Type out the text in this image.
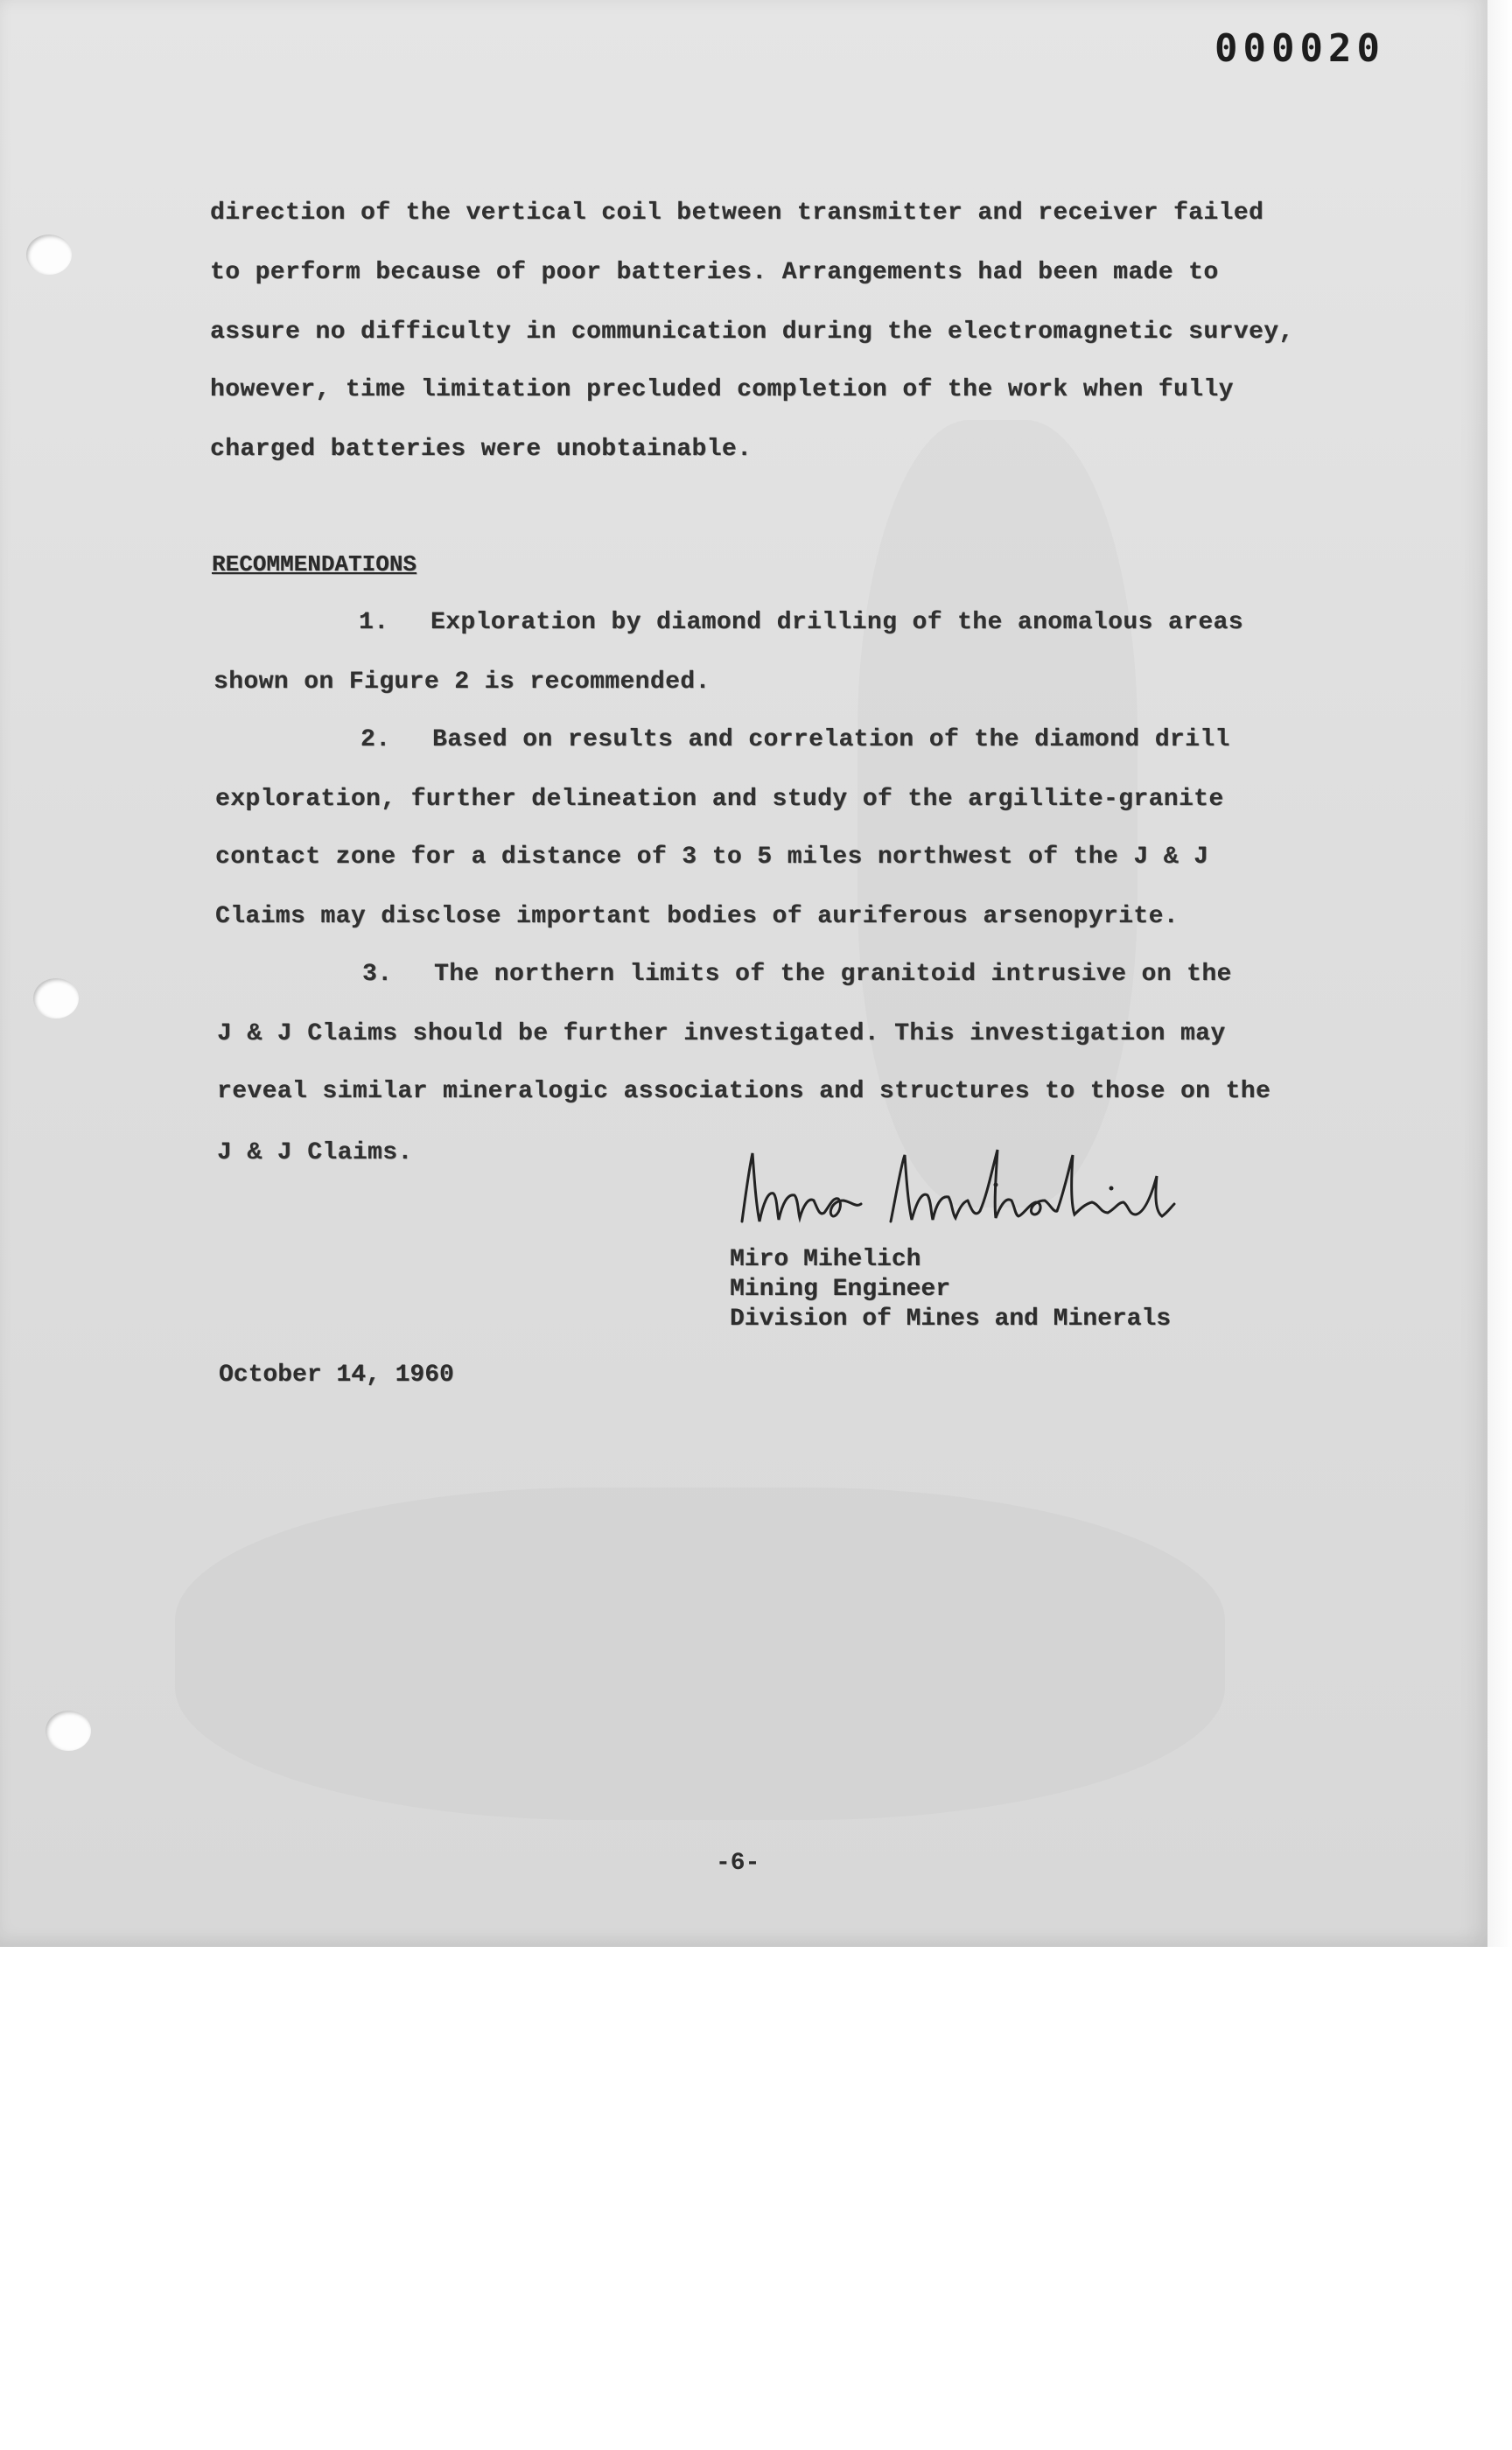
000020
direction of the vertical coil between transmitter and receiver failed
to perform because of poor batteries. Arrangements had been made to
assure no difficulty in communication during the electromagnetic survey,
however, time limitation precluded completion of the work when fully
charged batteries were unobtainable.
RECOMMENDATIONS
1. Exploration by diamond drilling of the anomalous areas
shown on Figure 2 is recommended.
2. Based on results and correlation of the diamond drill
exploration, further delineation and study of the argillite-granite
contact zone for a distance of 3 to 5 miles northwest of the J & J
Claims may disclose important bodies of auriferous arsenopyrite.
3. The northern limits of the granitoid intrusive on the
J & J Claims should be further investigated. This investigation may
reveal similar mineralogic associations and structures to those on the
J & J Claims.
Miro Mihelich
Mining Engineer
Division of Mines and Minerals
October 14, 1960
-6-
